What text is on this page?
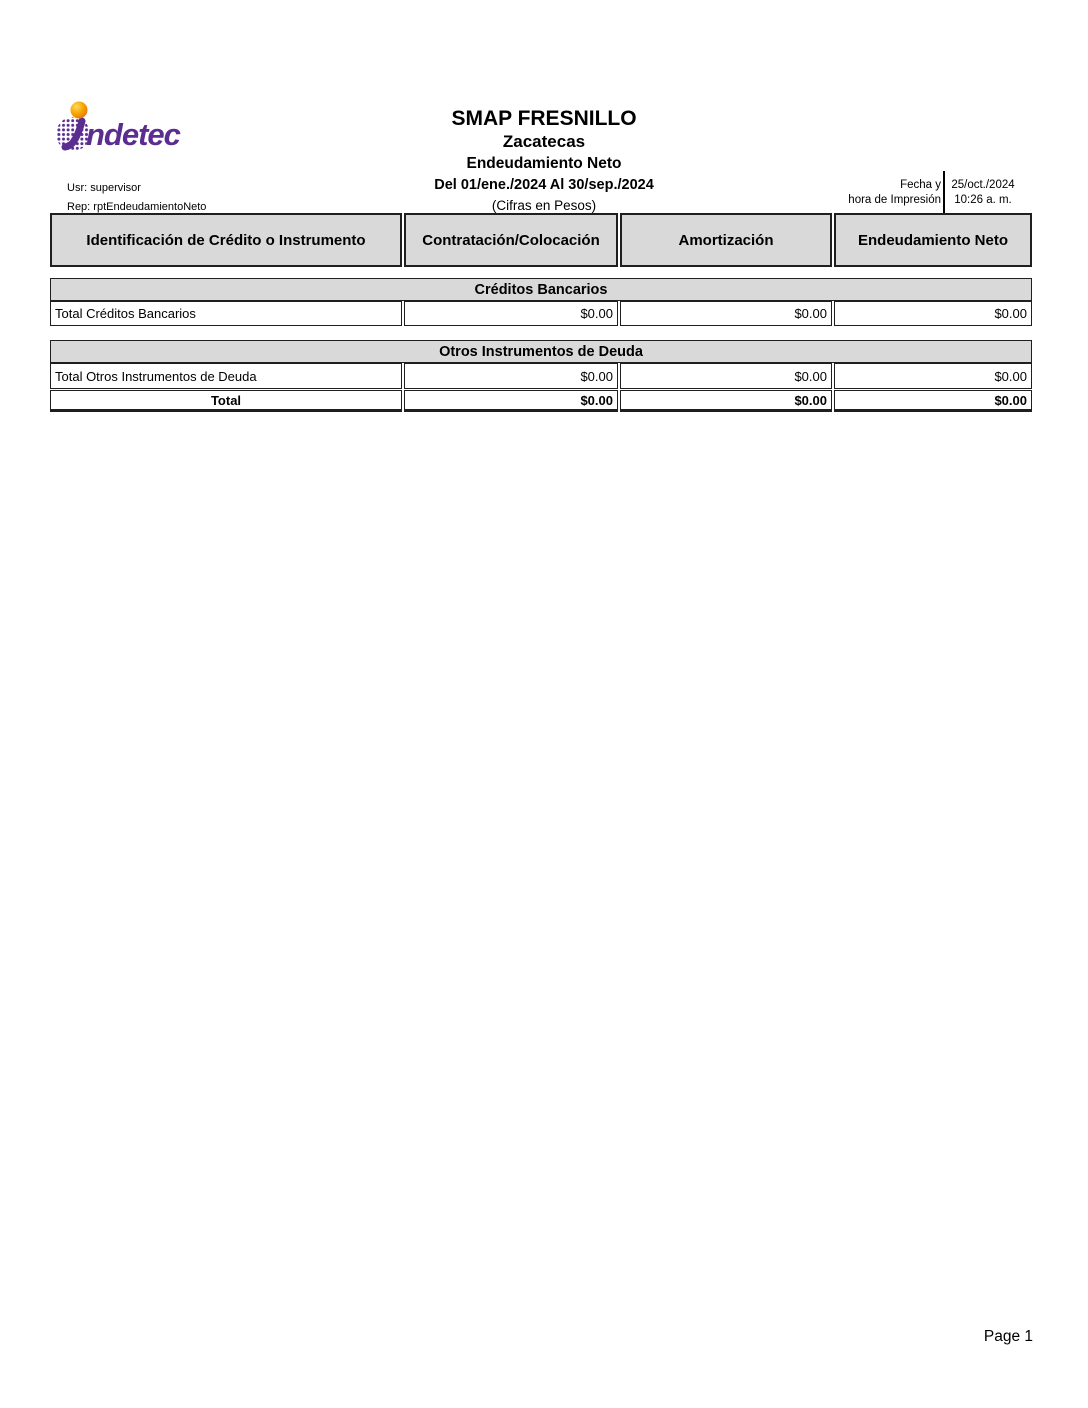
ndetec
Usr: supervisor
Rep: rptEndeudamientoNeto
SMAP FRESNILLO
Zacatecas
Endeudamiento Neto
Del 01/ene./2024 Al 30/sep./2024
(Cifras en Pesos)
Fecha y
hora de Impresión
25/oct./2024
10:26 a. m.
Identificación de Crédito o Instrumento	Contratación/Colocación	Amortización	Endeudamiento Neto
Créditos Bancarios
Total Créditos Bancarios	$0.00	$0.00	$0.00
Otros Instrumentos de Deuda
Total Otros Instrumentos de Deuda	$0.00	$0.00	$0.00
Total	$0.00	$0.00	$0.00
Page 1
